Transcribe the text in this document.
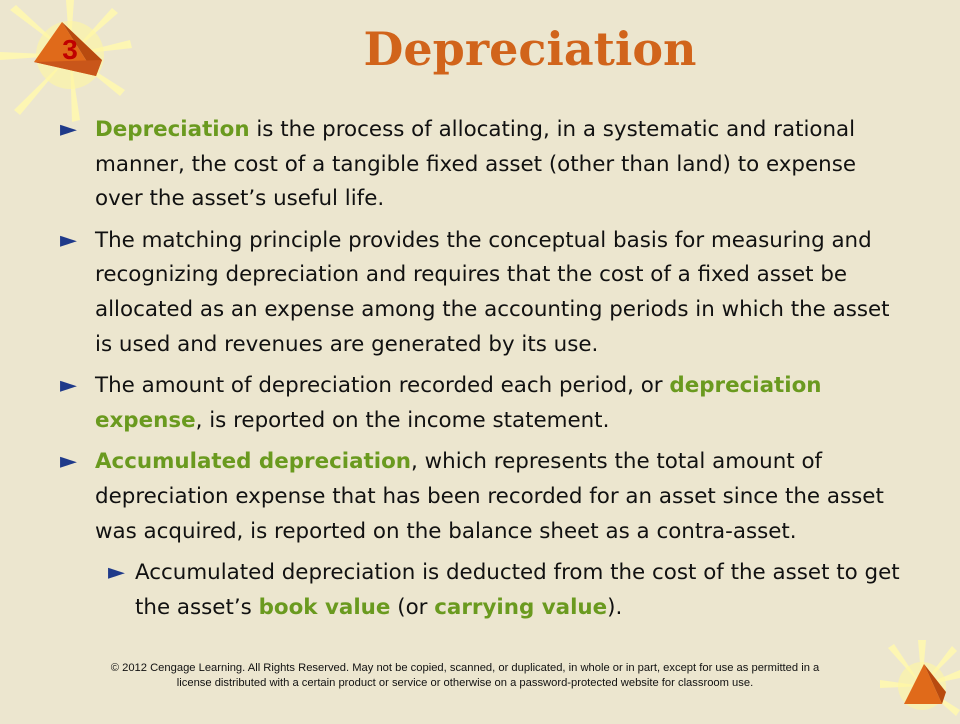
3	Depreciation
► Depreciation is the process of allocating, in a systematic and rational manner, the cost of a tangible fixed asset (other than land) to expense over the asset’s useful life.
► The matching principle provides the conceptual basis for measuring and recognizing depreciation and requires that the cost of a fixed asset be allocated as an expense among the accounting periods in which the asset is used and revenues are generated by its use.
► The amount of depreciation recorded each period, or depreciation expense, is reported on the income statement.
► Accumulated depreciation, which represents the total amount of depreciation expense that has been recorded for an asset since the asset was acquired, is reported on the balance sheet as a contra-asset.
► Accumulated depreciation is deducted from the cost of the asset to get the asset’s book value (or carrying value).
© 2012 Cengage Learning. All Rights Reserved. May not be copied, scanned, or duplicated, in whole or in part, except for use as permitted in a
license distributed with a certain product or service or otherwise on a password-protected website for classroom use.
